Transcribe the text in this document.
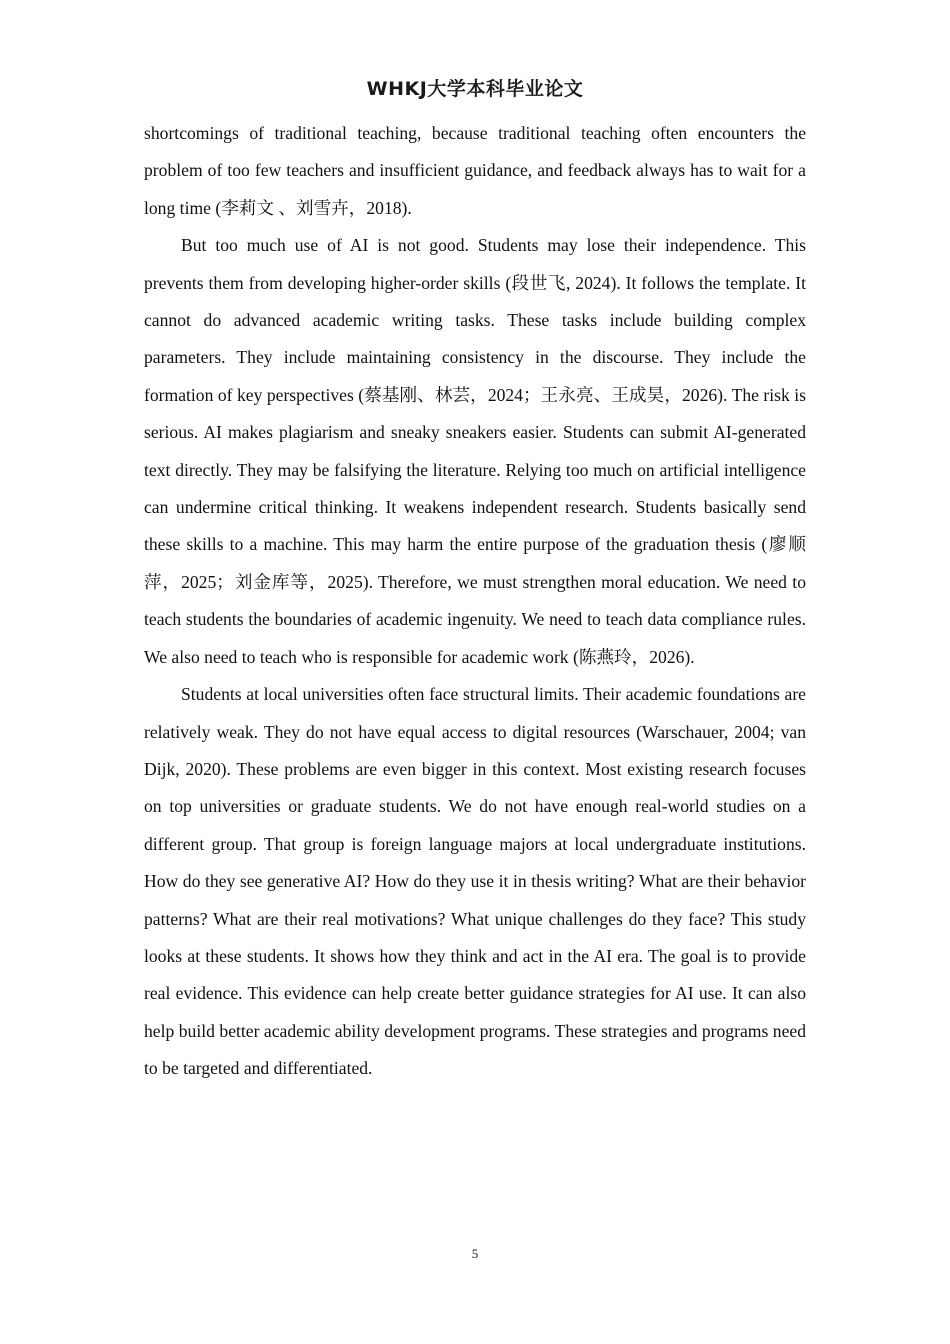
WHKJ大学本科毕业论文

shortcomings of traditional teaching, because traditional teaching often encounters the problem of too few teachers and insufficient guidance, and feedback always has to wait for a long time (李莉文 、刘雪卉，2018).

But too much use of AI is not good. Students may lose their independence. This prevents them from developing higher-order skills (段世飞, 2024). It follows the template. It cannot do advanced academic writing tasks. These tasks include building complex parameters. They include maintaining consistency in the discourse. They include the formation of key perspectives (蔡基刚、林芸，2024；王永亮、王成昊，2026). The risk is serious. AI makes plagiarism and sneaky sneakers easier. Students can submit AI-generated text directly. They may be falsifying the literature. Relying too much on artificial intelligence can undermine critical thinking. It weakens independent research. Students basically send these skills to a machine. This may harm the entire purpose of the graduation thesis (廖顺萍，2025；刘金库等，2025). Therefore, we must strengthen moral education. We need to teach students the boundaries of academic ingenuity. We need to teach data compliance rules. We also need to teach who is responsible for academic work (陈燕玲，2026).

Students at local universities often face structural limits. Their academic foundations are relatively weak. They do not have equal access to digital resources (Warschauer, 2004; van Dijk, 2020). These problems are even bigger in this context. Most existing research focuses on top universities or graduate students. We do not have enough real-world studies on a different group. That group is foreign language majors at local undergraduate institutions. How do they see generative AI? How do they use it in thesis writing? What are their behavior patterns? What are their real motivations? What unique challenges do they face? This study looks at these students. It shows how they think and act in the AI era. The goal is to provide real evidence. This evidence can help create better guidance strategies for AI use. It can also help build better academic ability development programs. These strategies and programs need to be targeted and differentiated.

5
